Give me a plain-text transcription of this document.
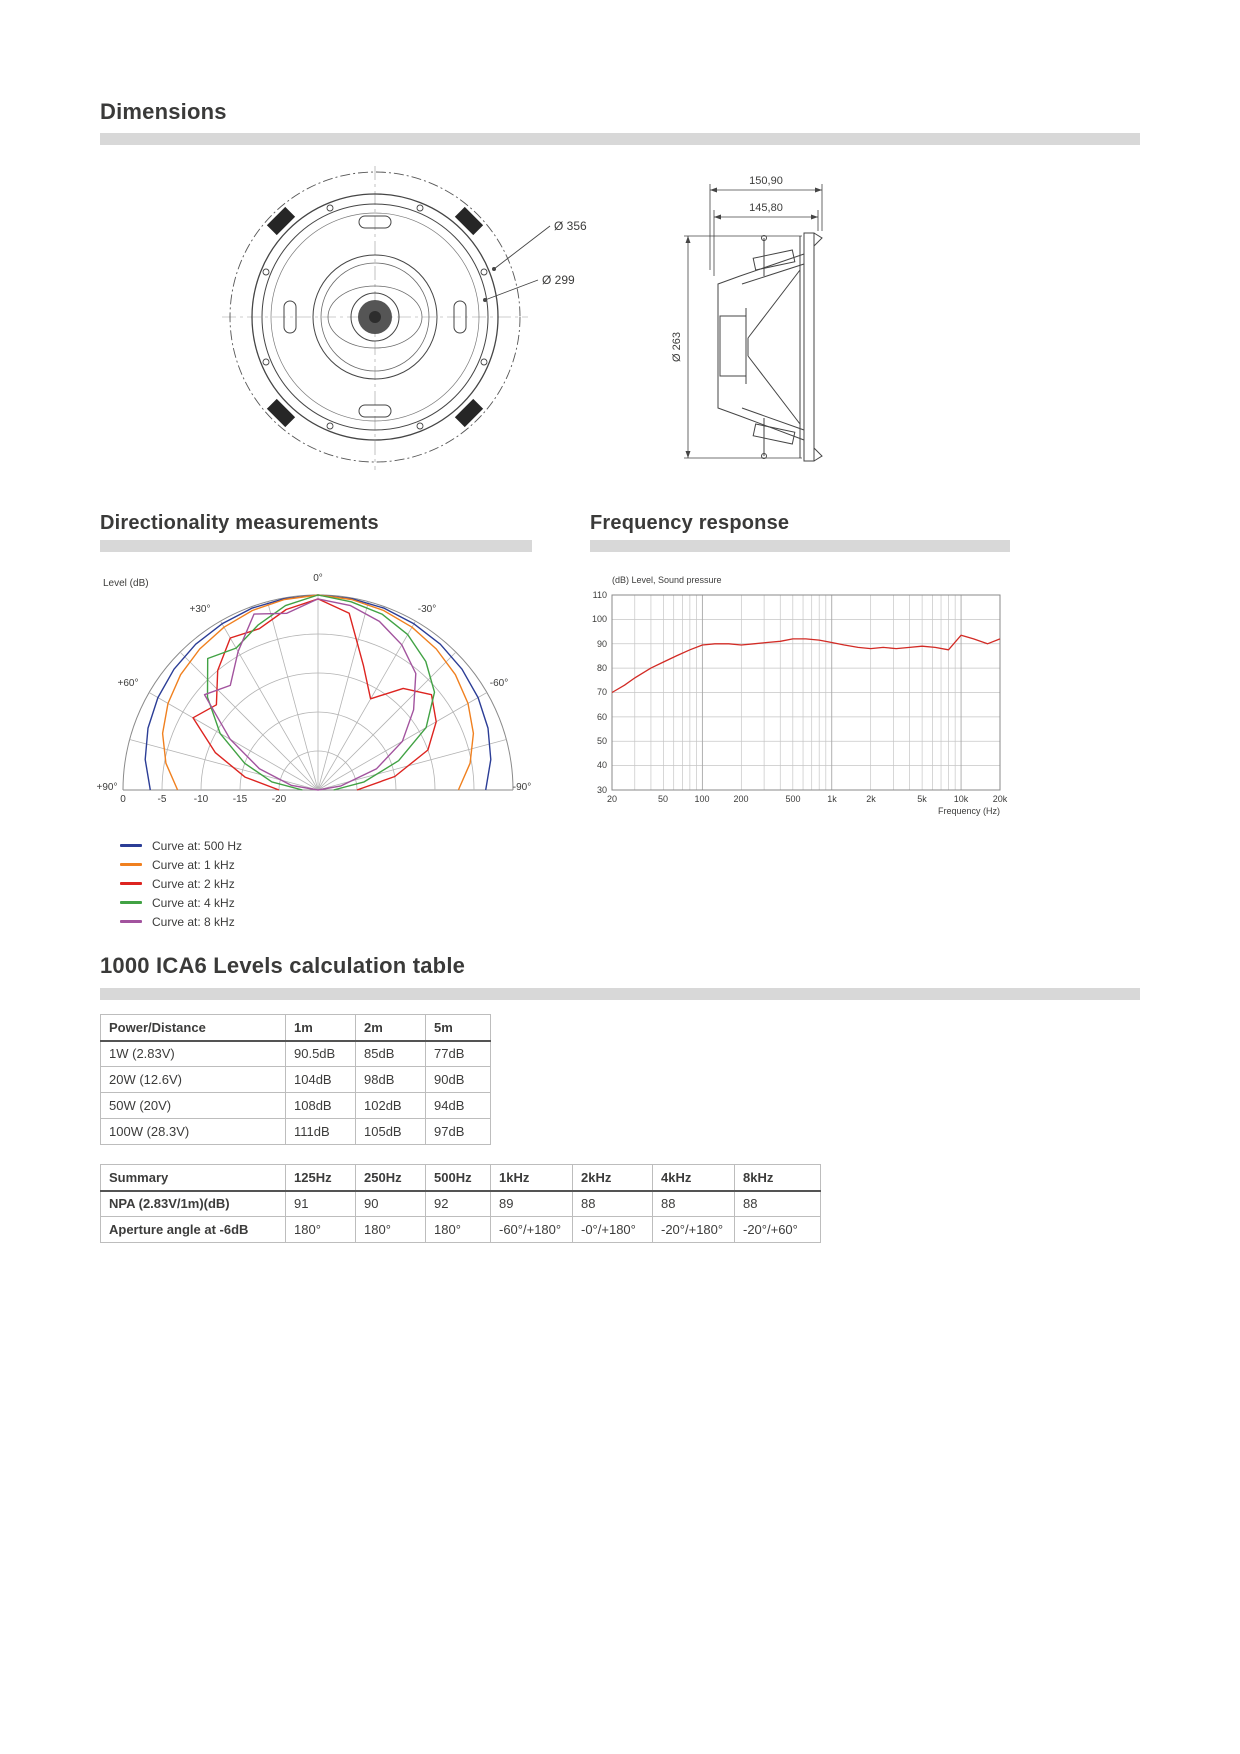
Dimensions
Ø 356
Ø 299
150,90
145,80
Ø 263
Directionality measurements	Frequency response
Level (dB)	0°
+30°	-30°
+60°	-60°
+90°	-90°
0	-5	-10	-15	-20
Curve at: 500 Hz
Curve at: 1 kHz
Curve at: 2 kHz
Curve at: 4 kHz
Curve at: 8 kHz
(dB) Level, Sound pressure
110
100
90
80
70
60
50
40
30
20	50	100	200	500	1k	2k	5k	10k	20k
Frequency (Hz)
1000 ICA6 Levels calculation table
Power/Distance	1m	2m	5m
1W (2.83V)	90.5dB	85dB	77dB
20W (12.6V)	104dB	98dB	90dB
50W (20V)	108dB	102dB	94dB
100W (28.3V)	111dB	105dB	97dB
Summary	125Hz	250Hz	500Hz	1kHz	2kHz	4kHz	8kHz
NPA (2.83V/1m)(dB)	91	90	92	89	88	88	88
Aperture angle at -6dB	180°	180°	180°	-60°/+180°	-0°/+180°	-20°/+180°	-20°/+60°
